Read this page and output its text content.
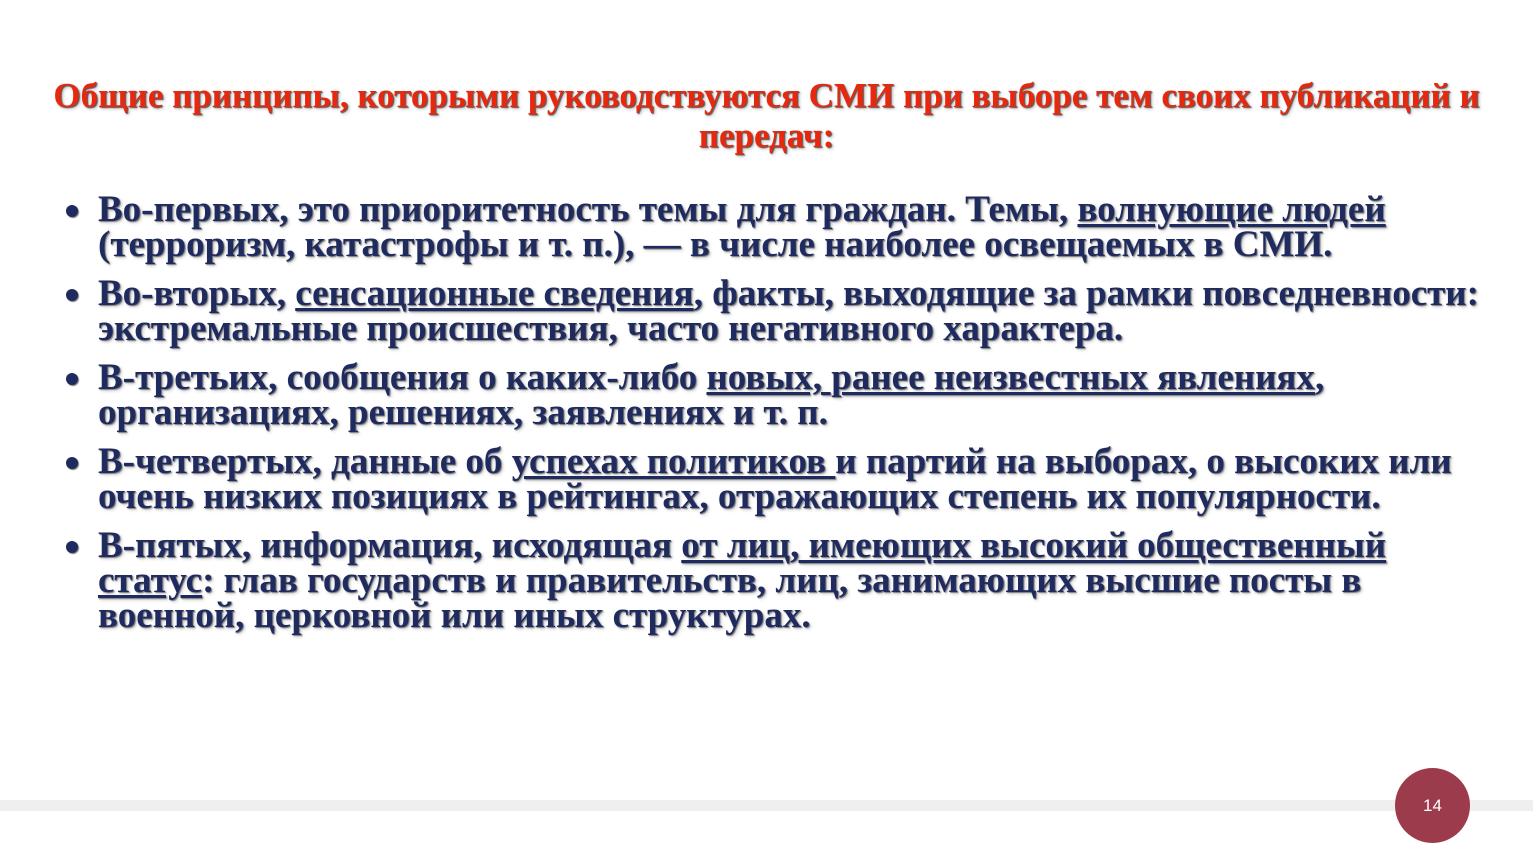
Общие принципы, которыми руководствуются СМИ при выборе тем своих публикаций и передач:
Во-первых, это приоритетность темы для граждан. Темы, волнующие людей (терроризм, катастрофы и т. п.), — в числе наиболее освещаемых в СМИ.
Во-вторых, сенсационные сведения, факты, выходящие за рамки повседневности: экстремальные происшествия, часто негативного характера.
В-третьих, сообщения о каких-либо новых, ранее неизвестных явлениях, организациях, решениях, заявлениях и т. п.
В-четвертых, данные об успехах политиков и партий на выборах, о высоких или очень низких позициях в рейтингах, отражающих степень их популярности.
В-пятых, информация, исходящая от лиц, имеющих высокий общественный статус: глав государств и правительств, лиц, занимающих высшие посты в военной, церковной или иных структурах.
14
